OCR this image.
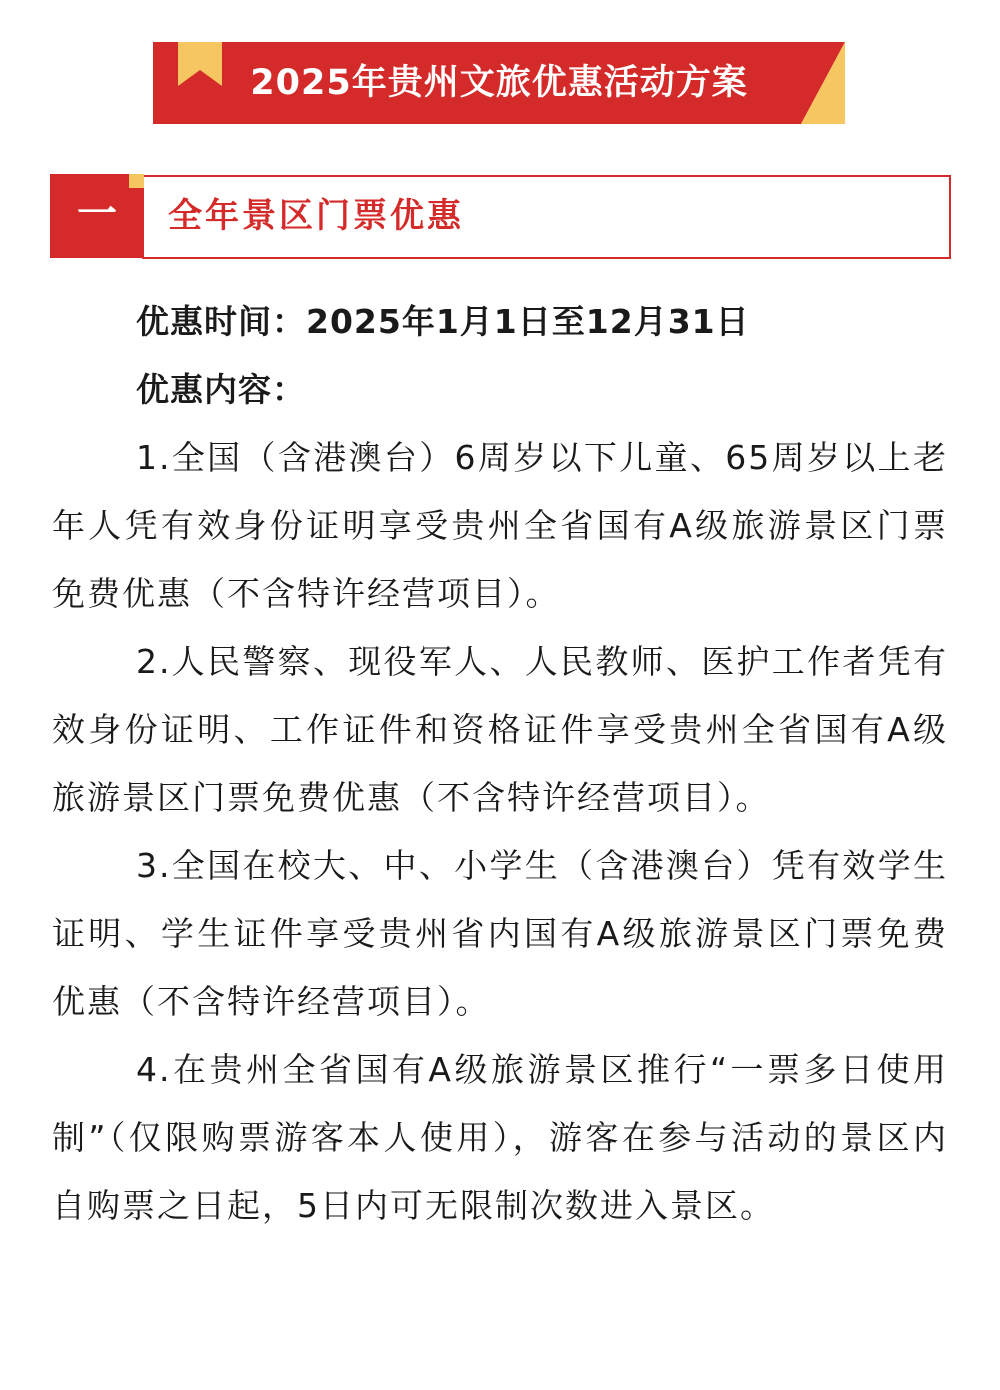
2025年贵州文旅优惠活动方案
一	全年景区门票优惠

优惠时间：2025年1月1日至12月31日

优惠内容：

1.全国（含港澳台）6周岁以下儿童、65周岁以上老年人凭有效身份证明享受贵州全省国有A级旅游景区门票免费优惠（不含特许经营项目）。

2.人民警察、现役军人、人民教师、医护工作者凭有效身份证明、工作证件和资格证件享受贵州全省国有A级旅游景区门票免费优惠（不含特许经营项目）。

3.全国在校大、中、小学生（含港澳台）凭有效学生证明、学生证件享受贵州省内国有A级旅游景区门票免费优惠（不含特许经营项目）。

4.在贵州全省国有A级旅游景区推行“一票多日使用制”（仅限购票游客本人使用），游客在参与活动的景区内自购票之日起，5日内可无限制次数进入景区。
